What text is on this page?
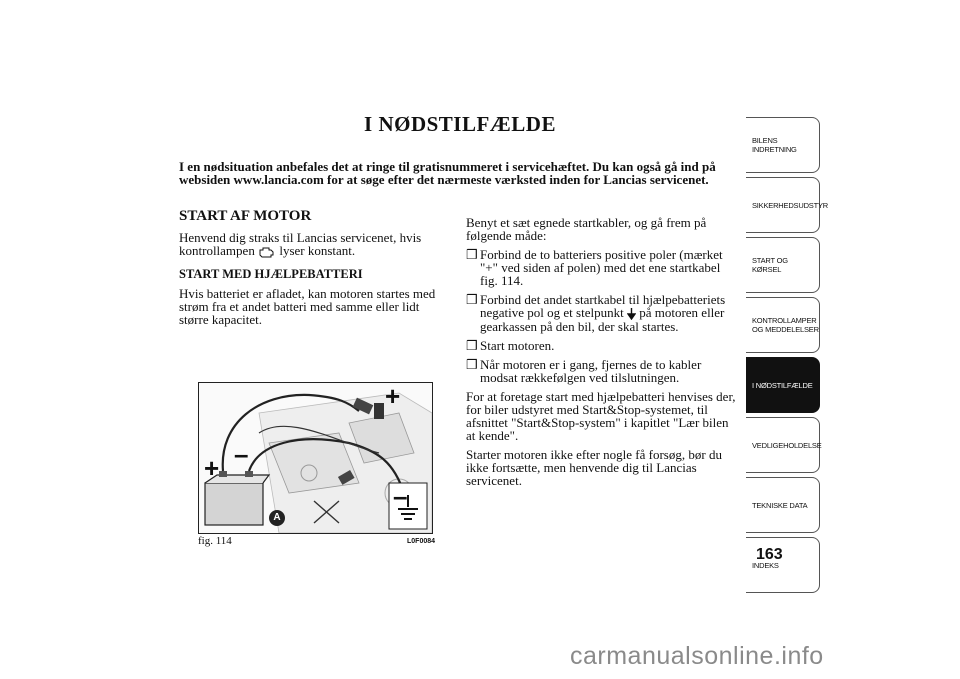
I NØDSTILFÆLDE
I en nødsituation anbefales det at ringe til gratisnummeret i servicehæftet. Du kan også gå ind på websiden www.lancia.com for at søge efter det nærmeste værksted inden for Lancias servicenet.
START AF MOTOR

Henvend dig straks til Lancias servicenet, hvis kontrollampen lyser konstant.

START MED HJÆLPEBATTERI

Hvis batteriet er afladet, kan motoren startes med strøm fra et andet batteri med samme eller lidt større kapacitet.

Benyt et sæt egnede startkabler, og gå frem på følgende måde:

❒ Forbind de to batteriers positive poler (mærket "+" ved siden af polen) med det ene startkabel fig. 114.
❒ Forbind det andet startkabel til hjælpebatteriets negative pol og et stelpunkt på motoren eller gearkassen på den bil, der skal startes.
❒ Start motoren.
❒ Når motoren er i gang, fjernes de to kabler modsat rækkefølgen ved tilslutningen.

For at foretage start med hjælpebatteri henvises der, for biler udstyret med Start&Stop-systemet, til afsnittet "Start&Stop-system" i kapitlet "Lær bilen at kende".

Starter motoren ikke efter nogle få forsøg, bør du ikke fortsætte, men henvende dig til Lancias servicenet.

+ –
+
–
A
fig. 114	L0F0084
BILENS
INDRETNING
SIKKERHEDSUDSTYR
START OG KØRSEL
KONTROLLAMPER
OG MEDDELELSER
I NØDSTILFÆLDE
VEDLIGEHOLDELSE
TEKNISKE DATA
INDEKS
163
carmanualsonline.info
